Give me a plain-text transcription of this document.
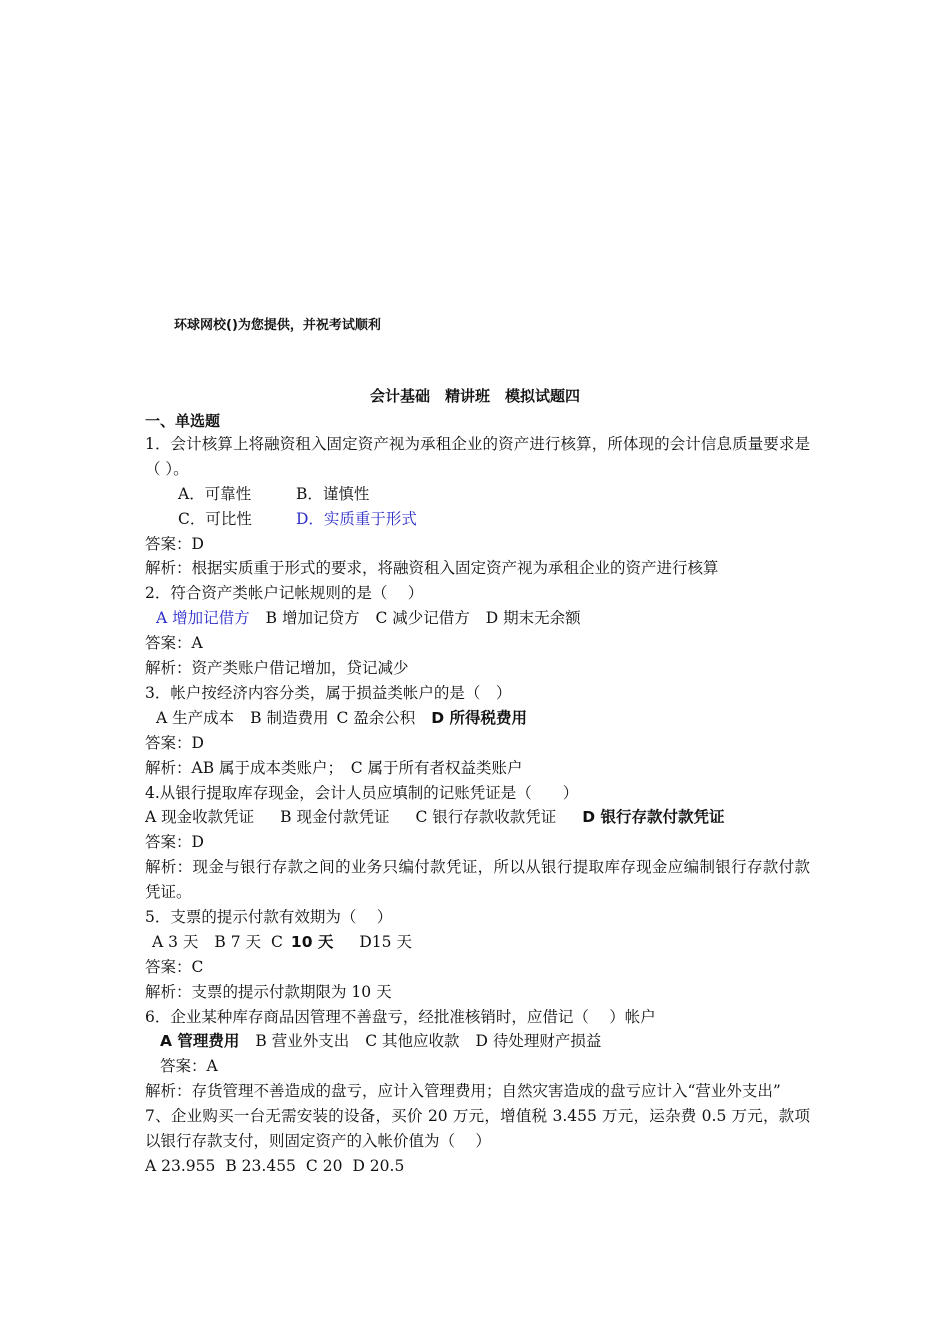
环球网校()为您提供，并祝考试顺利
会计基础　精讲班　模拟试题四
一、单选题
1．会计核算上将融资租入固定资产视为承租企业的资产进行核算，所体现的会计信息质量要求是（ ）。
A．可靠性	B．谨慎性
C．可比性	D．实质重于形式
答案：D
解析：根据实质重于形式的要求，将融资租入固定资产视为承租企业的资产进行核算
2．符合资产类帐户记帐规则的是（　 ）
A 增加记借方 B 增加记贷方 C 减少记借方 D 期末无余额
答案：A
解析：资产类账户借记增加，贷记减少
3．帐户按经济内容分类，属于损益类帐户的是（　）
A 生产成本 B 制造费用 C 盈余公积 D 所得税费用
答案：D
解析：AB 属于成本类账户；　C 属于所有者权益类账户
4.从银行提取库存现金，会计人员应填制的记账凭证是（　　）
A 现金收款凭证 B 现金付款凭证 C 银行存款收款凭证 D 银行存款付款凭证
答案：D
解析：现金与银行存款之间的业务只编付款凭证，所以从银行提取库存现金应编制银行存款付款凭证。
5．支票的提示付款有效期为（　 ）
A 3 天 B 7 天 C 10 天 D15 天
答案：C
解析：支票的提示付款期限为 10 天
6．企业某种库存商品因管理不善盘亏，经批准核销时，应借记（　 ）帐户
A 管理费用 B 营业外支出 C 其他应收款 D 待处理财产损益
答案：A
解析：存货管理不善造成的盘亏，应计入管理费用；自然灾害造成的盘亏应计入“营业外支出”
7、企业购买一台无需安装的设备，买价 20 万元，增值税 3.455 万元，运杂费 0.5 万元，款项以银行存款支付，则固定资产的入帐价值为（　 ）
A 23.955 B 23.455 C 20 D 20.5
